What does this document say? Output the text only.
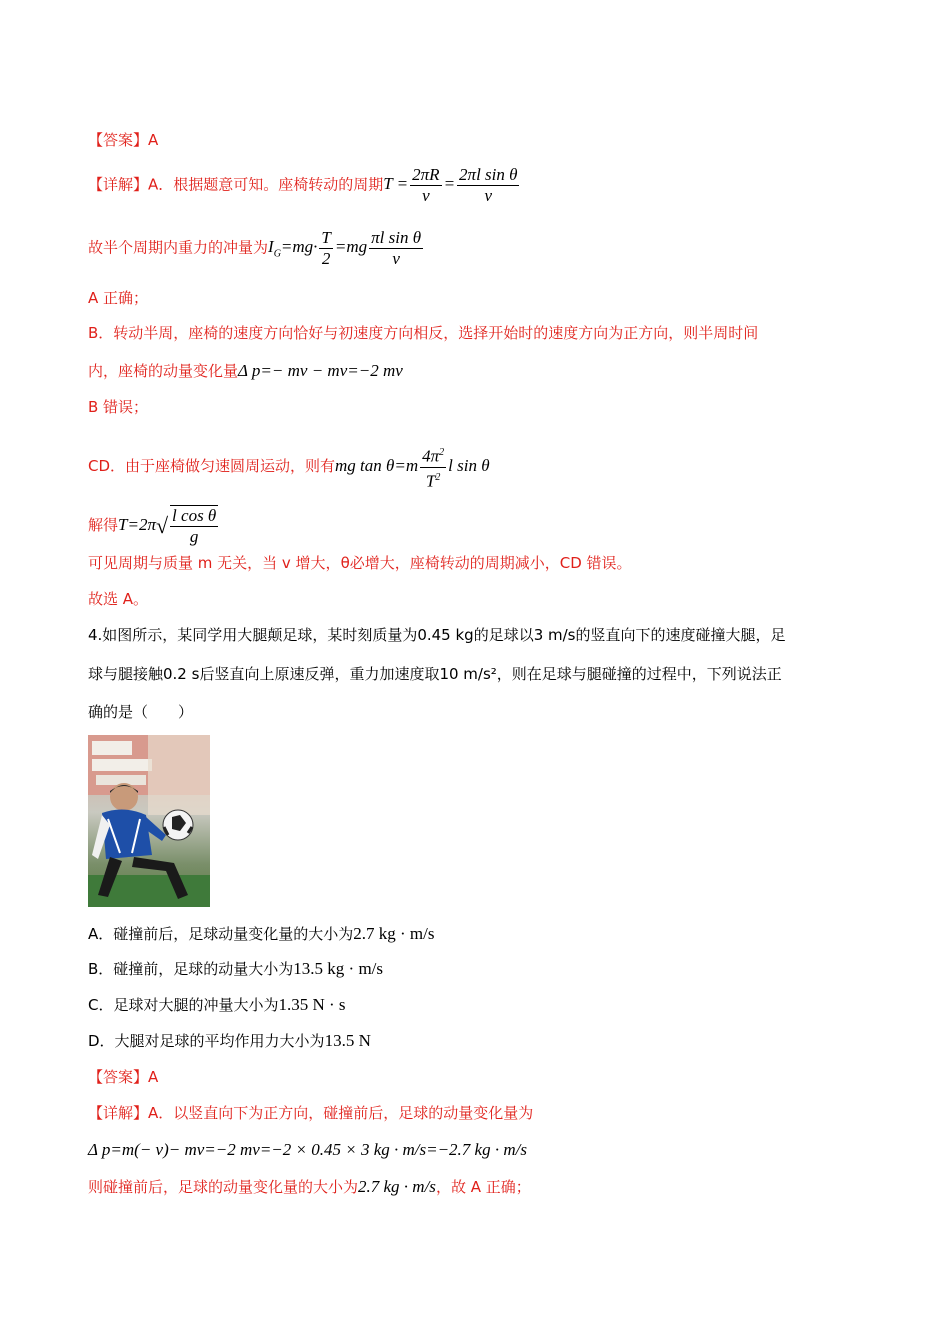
【答案】A
【详解】A．根据题意可知。座椅转动的周期$T = \frac{2\pi R}{v} = \frac{\text{2πl sin θ}}{v}$
故半个周期内重力的冲量为$I_G=mg\cdot \frac{T}{2} =mg \frac{\text{πl sin θ}}{v}$
A 正确；
B．转动半周，座椅的速度方向恰好与初速度方向相反，选择开始时的速度方向为正方向，则半周时间
内，座椅的动量变化量Δ p=− mv − mv=−2 mv
B 错误；
CD．由于座椅做匀速圆周运动，则有mg $\tan \theta=m \frac{4\pi^2}{T^2}$ l sin θ
解得$T=2\pi√ \frac{\text{l cos θ}}{g}$
可见周期与质量 m 无关，当 v 增大，θ必增大，座椅转动的周期减小，CD 错误。
故选 A。
4.如图所示，某同学用大腿颠足球，某时刻质量为0.45 kg的足球以3 m/s的竖直向下的速度碰撞大腿，足
球与腿接触0.2 s后竖直向上原速反弹，重力加速度取10 m/s²，则在足球与腿碰撞的过程中，下列说法正
确的是（　　）
A．碰撞前后，足球动量变化量的大小为2.7 kg · m/s
B．碰撞前，足球的动量大小为13.5 kg · m/s
C．足球对大腿的冲量大小为1.35 N · s
D．大腿对足球的平均作用力大小为13.5 N
【答案】A
【详解】A．以竖直向下为正方向，碰撞前后，足球的动量变化量为
Δ p=m(− v)− mv=−2 mv=−2 × 0.45 × 3 kg · m/s=−2.7 kg · m/s
则碰撞前后，足球的动量变化量的大小为2.7 kg · m/s，故 A 正确；
